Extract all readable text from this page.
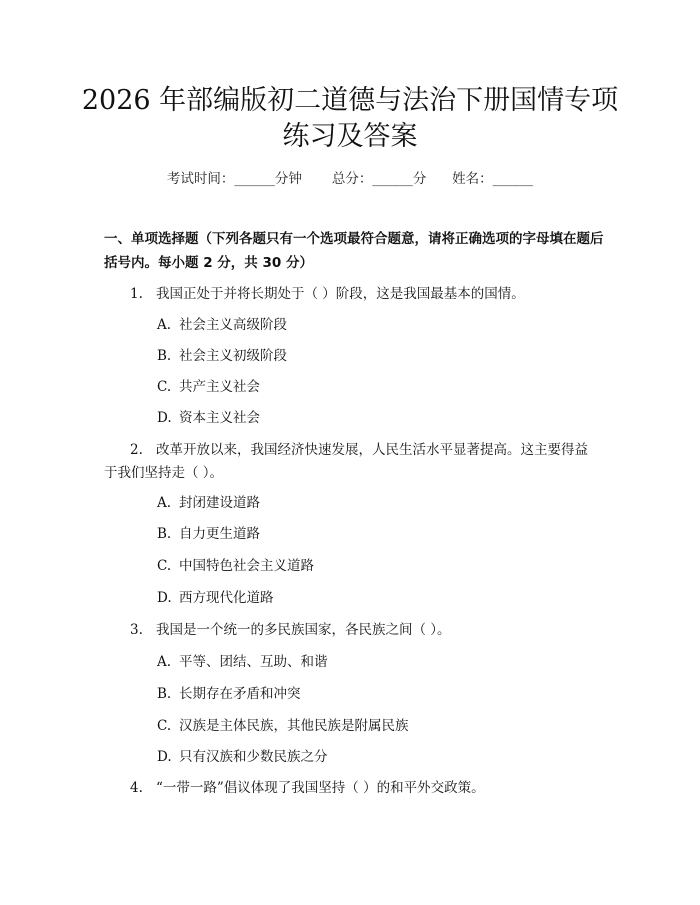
2026 年部编版初二道德与法治下册国情专项
练习及答案
考试时间：______分钟 总分：______分 姓名：______
一、单项选择题（下列各题只有一个选项最符合题意，请将正确选项的字母填在题后括号内。每小题 2 分，共 30 分）
1. 我国正处于并将长期处于（ ）阶段，这是我国最基本的国情。
A. 社会主义高级阶段
B. 社会主义初级阶段
C. 共产主义社会
D. 资本主义社会
2. 改革开放以来，我国经济快速发展，人民生活水平显著提高。这主要得益
于我们坚持走（ ）。
A. 封闭建设道路
B. 自力更生道路
C. 中国特色社会主义道路
D. 西方现代化道路
3. 我国是一个统一的多民族国家，各民族之间（ ）。
A. 平等、团结、互助、和谐
B. 长期存在矛盾和冲突
C. 汉族是主体民族，其他民族是附属民族
D. 只有汉族和少数民族之分
4. “一带一路”倡议体现了我国坚持（ ）的和平外交政策。
